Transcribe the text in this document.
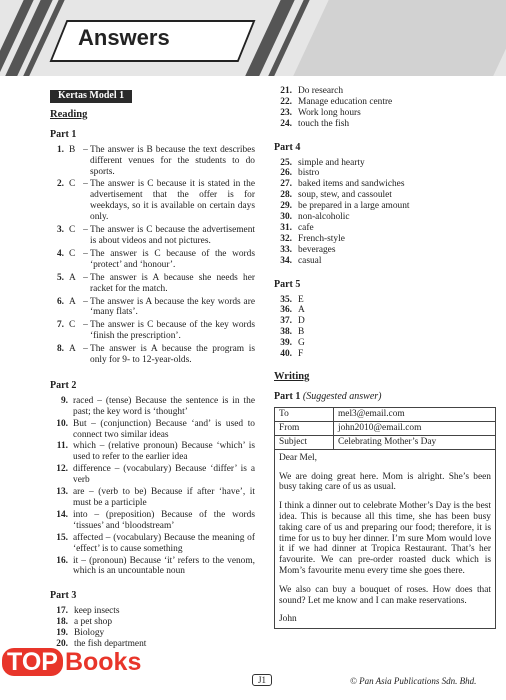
Answers
Kertas Model 1
Reading
Part 1
1. B – The answer is B because the text describes different venues for the students to do sports.
2. C – The answer is C because it is stated in the advertisement that the offer is for weekdays, so it is available on certain days only.
3. C – The answer is C because the advertisement is about videos and not pictures.
4. C – The answer is C because of the words ‘protect’ and ‘honour’.
5. A – The answer is A because she needs her racket for the match.
6. A – The answer is A because the key words are ‘many flats’.
7. C – The answer is C because of the key words ‘finish the prescription’.
8. A – The answer is A because the program is only for 9- to 12-year-olds.
Part 2
9. raced – (tense) Because the sentence is in the past; the key word is ‘thought’
10. But – (conjunction) Because ‘and’ is used to connect two similar ideas
11. which – (relative pronoun) Because ‘which’ is used to refer to the earlier idea
12. difference – (vocabulary) Because ‘differ’ is a verb
13. are – (verb to be) Because if after ‘have’, it must be a participle
14. into – (preposition) Because of the words ‘tissues’ and ‘bloodstream’
15. affected – (vocabulary) Because the meaning of ‘effect’ is to cause something
16. it – (pronoun) Because ‘it’ refers to the venom, which is an uncountable noun
Part 3
17. keep insects
18. a pet shop
19. Biology
20. the fish department
21. Do research
22. Manage education centre
23. Work long hours
24. touch the fish
Part 4
25. simple and hearty
26. bistro
27. baked items and sandwiches
28. soup, stew, and cassoulet
29. be prepared in a large amount
30. non-alcoholic
31. cafe
32. French-style
33. beverages
34. casual
Part 5
35. E
36. A
37. D
38. B
39. G
40. F
Writing
Part 1 (Suggested answer)
To	mel3@email.com
From	john2010@email.com
Subject	Celebrating Mother’s Day

Dear Mel,

We are doing great here. Mom is alright. She’s been busy taking care of us as usual.

I think a dinner out to celebrate Mother’s Day is the best idea. This is because all this time, she has been busy taking care of us and preparing our food; therefore, it is time for us to buy her dinner. I’m sure Mom would love it if we had dinner at Tropica Restaurant. That’s her favourite. We can pre-order roasted duck which is Mom’s favourite menu every time she goes there.

We also can buy a bouquet of roses. How does that sound? Let me know and I can make reservations.

John

TOP Books
J1	© Pan Asia Publications Sdn. Bhd.
